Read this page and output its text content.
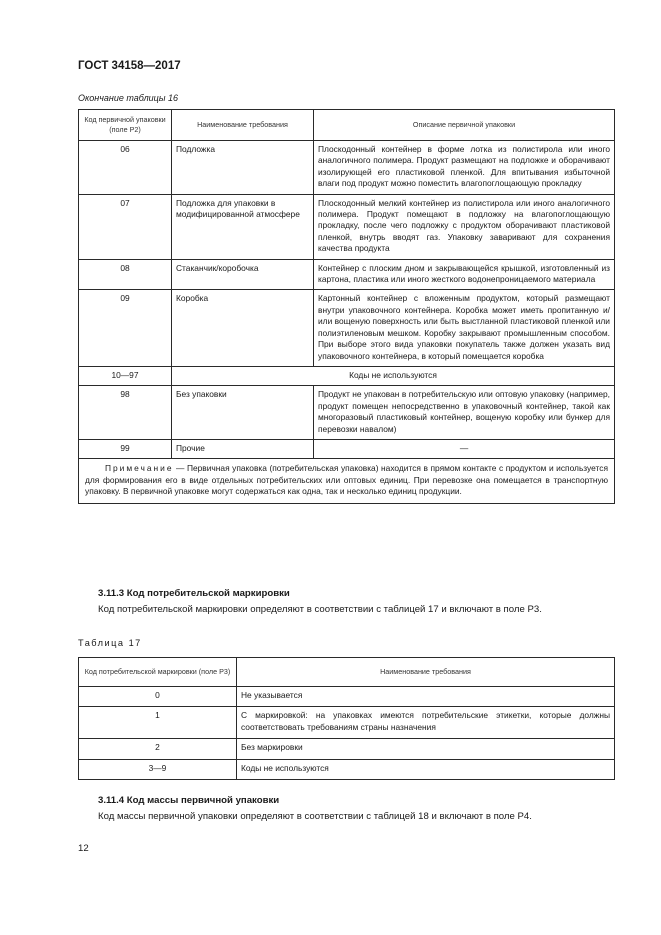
ГОСТ 34158—2017
Окончание таблицы 16
Код первичной упаковки (поле Р2)	Наименование требования	Описание первичной упаковки
06	Подложка	Плоскодонный контейнер в форме лотка из полистирола или иного аналогичного полимера. Продукт размещают на подложке и оборачивают изолирующей его пластиковой пленкой. Для впитывания избыточной влаги под продукт можно поместить влагопоглощающую прокладку
07	Подложка для упаковки в модифицированной атмосфере	Плоскодонный мелкий контейнер из полистирола или иного аналогичного полимера. Продукт помещают в подложку на влагопоглощающую прокладку, после чего подложку с продуктом оборачивают пластиковой пленкой, внутрь вводят газ. Упаковку заваривают для сохранения качества продукта
08	Стаканчик/коробочка	Контейнер с плоским дном и закрывающейся крышкой, изготовленный из картона, пластика или иного жесткого водонепроницаемого материала
09	Коробка	Картонный контейнер с вложенным продуктом, который размещают внутри упаковочного контейнера. Коробка может иметь пропитанную и/или вощеную поверхность или быть выстланной пластиковой пленкой или полиэтиленовым мешком. Коробку закрывают промышленным способом. При выборе этого вида упаковки покупатель также должен указать вид упаковочного контейнера, в который помещается коробка
10—97	Коды не используются	
98	Без упаковки	Продукт не упакован в потребительскую или оптовую упаковку (например, продукт помещен непосредственно в упаковочный контейнер, такой как многоразовый пластиковый контейнер, вощеную коробку или бункер для перевозки навалом)
99	Прочие	—
Примечание — Первичная упаковка (потребительская упаковка) находится в прямом контакте с продуктом и используется для формирования его в виде отдельных потребительских или оптовых единиц. При перевозке она помещается в транспортную упаковку. В первичной упаковке могут содержаться как одна, так и несколько единиц продукции.		
3.11.3 Код потребительской маркировки
Код потребительской маркировки определяют в соответствии с таблицей 17 и включают в поле Р3.
Таблица 17
Код потребительской маркировки (поле Р3)	Наименование требования
0	Не указывается
1	С маркировкой: на упаковках имеются потребительские этикетки, которые должны соответствовать требованиям страны назначения
2	Без маркировки
3—9	Коды не используются
3.11.4 Код массы первичной упаковки
Код массы первичной упаковки определяют в соответствии с таблицей 18 и включают в поле Р4.
12
